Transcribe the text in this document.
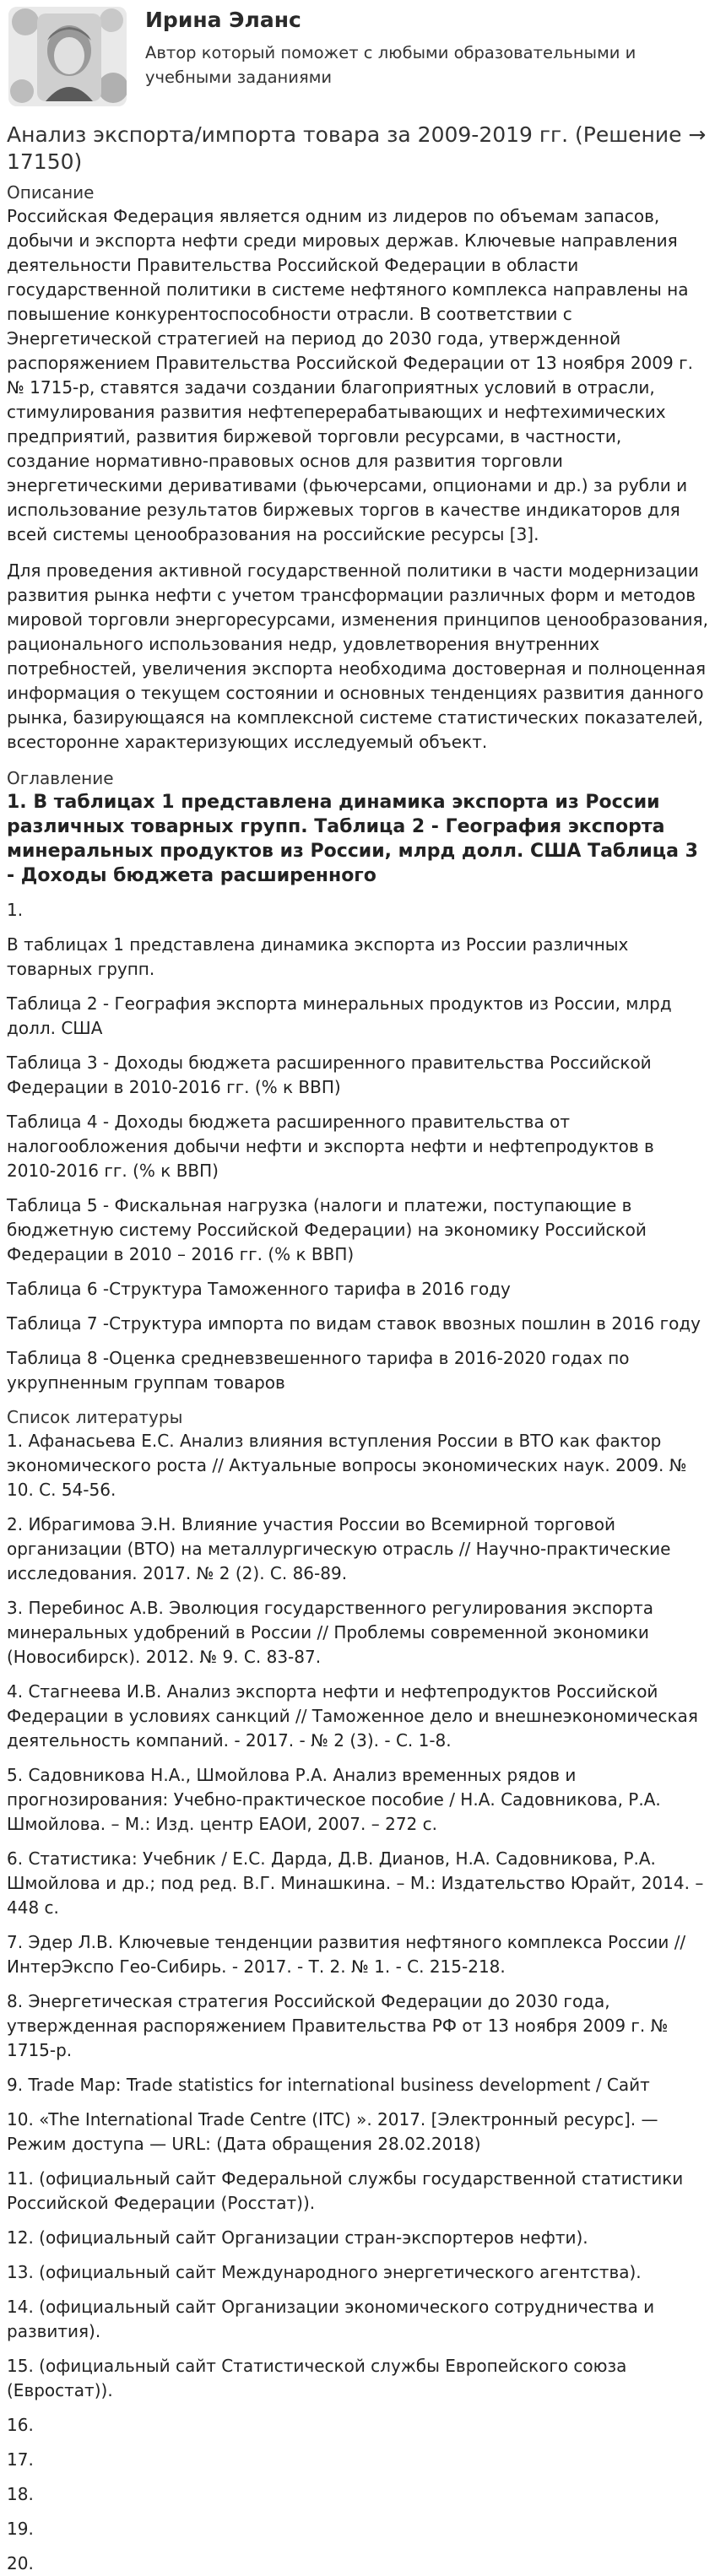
Ирина Эланс

Автор который поможет с любыми образовательными и учебными заданиями

Анализ экспорта/импорта товара за 2009-2019 гг. (Решение → 17150)
Описание

Российская Федерация является одним из лидеров по объемам запасов, добычи и экспорта нефти среди мировых держав. Ключевые направления деятельности Правительства Российской Федерации в области государственной политики в системе нефтяного комплекса направлены на повышение конкурентоспособности отрасли. В соответствии с Энергетической стратегией на период до 2030 года, утвержденной распоряжением Правительства Российской Федерации от 13 ноября 2009 г. № 1715-р, ставятся задачи создании благоприятных условий в отрасли, стимулирования развития нефтеперерабатывающих и нефтехимических предприятий, развития биржевой торговли ресурсами, в частности, создание нормативно-правовых основ для развития торговли энергетическими деривативами (фьючерсами, опционами и др.) за рубли и использование результатов биржевых торгов в качестве индикаторов для всей системы ценообразования на российские ресурсы [3].

Для проведения активной государственной политики в части модернизации развития рынка нефти с учетом трансформации различных форм и методов мировой торговли энергоресурсами, изменения принципов ценообразования, рационального использования недр, удовлетворения внутренних потребностей, увеличения экспорта необходима достоверная и полноценная информация о текущем состоянии и основных тенденциях развития данного рынка, базирующаяся на комплексной системе статистических показателей, всесторонне характеризующих исследуемый объект.

Оглавление
1. В таблицах 1 представлена динамика экспорта из России различных товарных групп. Таблица 2 - География экспорта минеральных продуктов из России, млрд долл. США Таблица 3 - Доходы бюджета расширенного

1.

В таблицах 1 представлена динамика экспорта из России различных товарных групп.

Таблица 2 - География экспорта минеральных продуктов из России, млрд долл. США

Таблица 3 - Доходы бюджета расширенного правительства Российской Федерации в 2010-2016 гг. (% к ВВП)

Таблица 4 - Доходы бюджета расширенного правительства от налогообложения добычи нефти и экспорта нефти и нефтепродуктов в 2010-2016 гг. (% к ВВП)

Таблица 5 - Фискальная нагрузка (налоги и платежи, поступающие в бюджетную систему Российской Федерации) на экономику Российской Федерации в 2010 – 2016 гг. (% к ВВП)

Таблица 6 -Структура Таможенного тарифа в 2016 году

Таблица 7 -Структура импорта по видам ставок ввозных пошлин в 2016 году

Таблица 8 -Оценка средневзвешенного тарифа в 2016-2020 годах по укрупненным группам товаров

Список литературы

1. Афанасьева Е.С. Анализ влияния вступления России в ВТО как фактор экономического роста // Актуальные вопросы экономических наук. 2009. № 10. С. 54-56.

2. Ибрагимова Э.Н. Влияние участия России во Всемирной торговой организации (ВТО) на металлургическую отрасль // Научно-практические исследования. 2017. № 2 (2). С. 86-89.

3. Перебинос А.В. Эволюция государственного регулирования экспорта минеральных удобрений в России // Проблемы современной экономики (Новосибирск). 2012. № 9. С. 83-87.

4. Стагнеева И.В. Анализ экспорта нефти и нефтепродуктов Российской Федерации в условиях санкций // Таможенное дело и внешнеэкономическая деятельность компаний. - 2017. - № 2 (3). - С. 1-8.

5. Садовникова Н.А., Шмойлова Р.А. Анализ временных рядов и прогнозирования: Учебно-практическое пособие / Н.А. Садовникова, Р.А. Шмойлова. – М.: Изд. центр ЕАОИ, 2007. – 272 с.

6. Статистика: Учебник / Е.С. Дарда, Д.В. Дианов, Н.А. Садовникова, Р.А. Шмойлова и др.; под ред. В.Г. Минашкина. – М.: Издательство Юрайт, 2014. – 448 с.

7. Эдер Л.В. Ключевые тенденции развития нефтяного комплекса России // ИнтерЭкспо Гео-Сибирь. - 2017. - Т. 2. № 1. - С. 215-218.

8. Энергетическая стратегия Российской Федерации до 2030 года, утвержденная распоряжением Правительства РФ от 13 ноября 2009 г. № 1715-р.

9. Trade Map: Trade statistics for international business development / Сайт

10. «The International Trade Centre (ITC) ». 2017. [Электронный ресурс]. — Режим доступа — URL: (Дата обращения 28.02.2018)

11. (официальный сайт Федеральной службы государственной статистики Российской Федерации (Росстат)).

12. (официальный сайт Организации стран-экспортеров нефти).

13. (официальный сайт Международного энергетического агентства).

14. (официальный сайт Организации экономического сотрудничества и развития).

15. (официальный сайт Статистической службы Европейского союза (Евростат)).

16.

17.

18.

19.

20.
